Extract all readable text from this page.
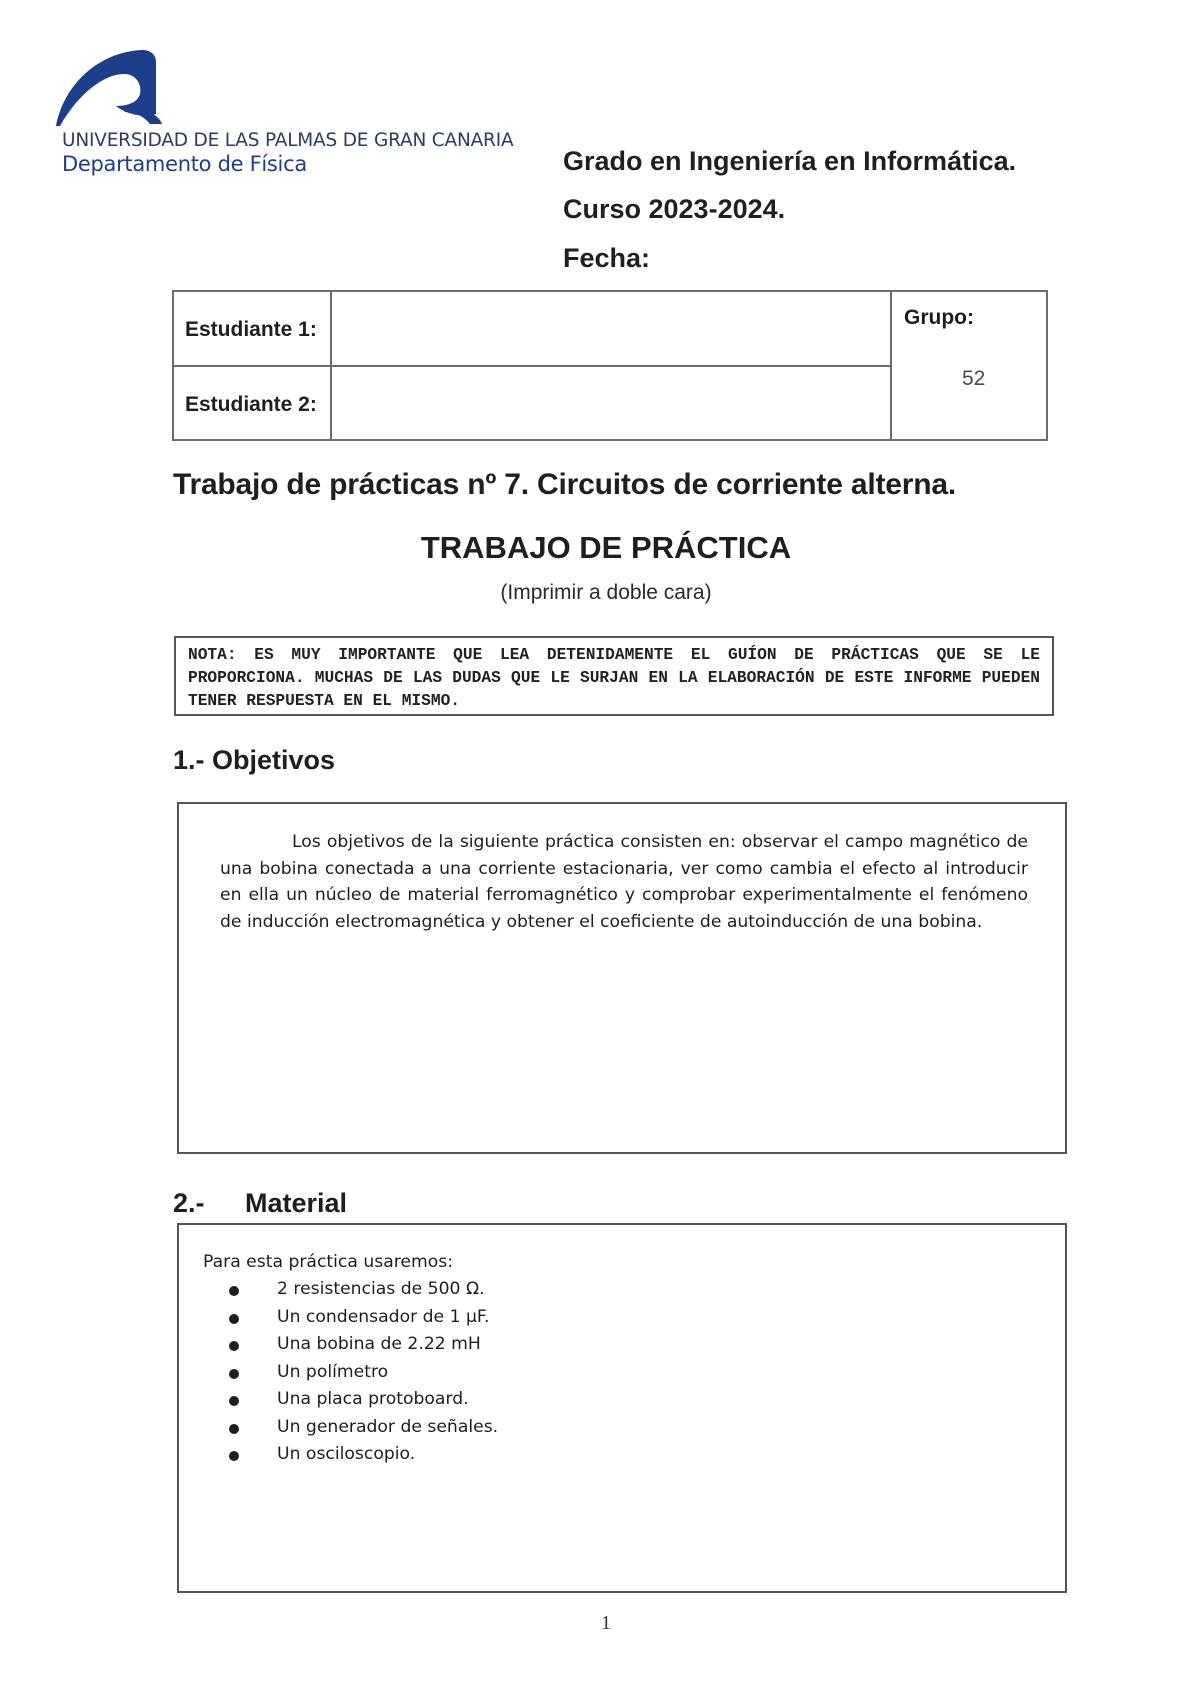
UNIVERSIDAD DE LAS PALMAS DE GRAN CANARIA
Departamento de Física	Grado en Ingeniería en Informática.
Curso 2023-2024.
Fecha:
Estudiante 1:
Estudiante 2:
Grupo:
52
Trabajo de prácticas nº 7. Circuitos de corriente alterna.
TRABAJO DE PRÁCTICA
(Imprimir a doble cara)
NOTA: ES MUY IMPORTANTE QUE LEA DETENIDAMENTE EL GUÍON DE PRÁCTICAS QUE SE LE PROPORCIONA. MUCHAS DE LAS DUDAS QUE LE SURJAN EN LA ELABORACIÓN DE ESTE INFORME PUEDEN TENER RESPUESTA EN EL MISMO.
1.- Objetivos
Los objetivos de la siguiente práctica consisten en: observar el campo magnético de una bobina conectada a una corriente estacionaria, ver como cambia el efecto al introducir en ella un núcleo de material ferromagnético y comprobar experimentalmente el fenómeno de inducción electromagnética y obtener el coeficiente de autoinducción de una bobina.
2.- Material
Para esta práctica usaremos:
2 resistencias de 500 Ω.
Un condensador de 1 μF.
Una bobina de 2.22 mH
Un polímetro
Una placa protoboard.
Un generador de señales.
Un osciloscopio.
1
